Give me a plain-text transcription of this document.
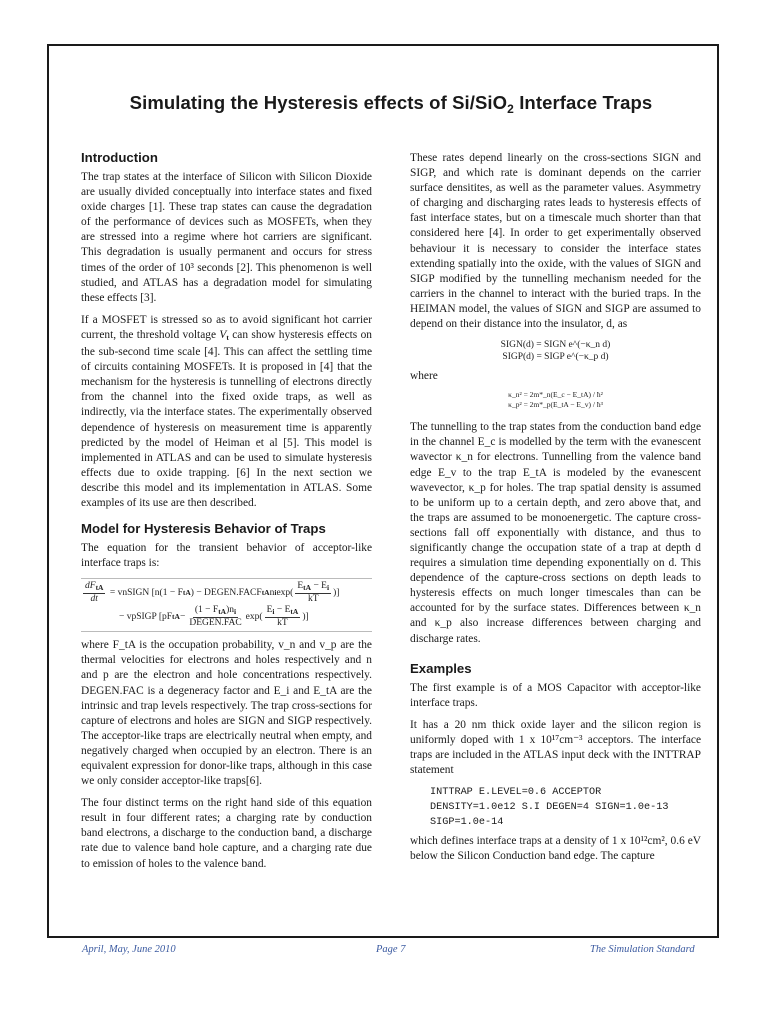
Simulating the Hysteresis effects of Si/SiO$_2$ Interface Traps
Introduction

The trap states at the interface of Silicon with Silicon Dioxide are usually divided conceptually into interface states and fixed oxide charges [1]. These trap states can cause the degradation of the performance of devices such as MOSFETs, when they are stressed into a regime where hot carriers are significant. This degradation is usually permanent and occurs for stress times of the order of 10³ seconds [2]. This phenomenon is well studied, and ATLAS has a degradation model for simulating these effects [3].

If a MOSFET is stressed so as to avoid significant hot carrier current, the threshold voltage $V_t$ can show hysteresis effects on the sub-second time scale [4]. This can affect the settling time of circuits containing MOSFETs. It is proposed in [4] that the mechanism for the hysteresis is tunnelling of electrons directly from the channel into the fixed oxide traps, as well as indirectly, via the interface states. The experimentally observed dependence of hysteresis on measurement time is apparently predicted by the model of Heiman et al [5]. This model is implemented in ATLAS and can be used to simulate hysteresis effects due to oxide trapping. [6] In the next section we describe this model and its implementation in ATLAS. Some examples of its use are then described.

Model for Hysteresis Behavior of Traps

The equation for the transient behavior of acceptor-like interface traps is:

$\frac{dF_{tA}}{dt}$
= v nSIGN [n(1 − F tA ) − DEGEN.FACF tA n i $\exp( \frac{E_{tA} - E_i}{kT}$ )]
− v pSIGP [pF tA − $\frac{(1 - F_{tA})n_i}{\text{DEGEN.FAC}} \exp( \frac{E_i - E_{tA}}{kT}$ )]

where F_tA is the occupation probability, v_n and v_p are the thermal velocities for electrons and holes respectively and n and p are the electron and hole concentrations respectively. DEGEN.FAC is a degeneracy factor and E_i and E_tA are the intrinsic and trap levels respectively. The trap cross-sections for capture of electrons and holes are SIGN and SIGP respectively. The acceptor-like traps are electrically neutral when empty, and negatively charged when occupied by an electron. There is an equivalent expression for donor-like traps, although in this case we only consider acceptor-like traps[6].

The four distinct terms on the right hand side of this equation result in four different rates; a charging rate by conduction band electrons, a discharge to the conduction band, a discharge rate due to valence band hole capture, and a charging rate due to emission of holes to the valence band.

These rates depend linearly on the cross-sections SIGN and SIGP, and which rate is dominant depends on the carrier surface densitites, as well as the parameter values. Asymmetry of charging and discharging rates leads to hysteresis effects of fast interface states, but on a timescale much shorter than that considered here [4]. In order to get experimentally observed behaviour it is necessary to consider the interface states extending spatially into the oxide, with the values of SIGN and SIGP modified by the tunnelling mechanism needed for the carriers in the channel to interact with the buried traps. In the HEIMAN model, the values of SIGN and SIGP are assumed to depend on their distance into the insulator, d, as

SIGN(d) = SIGN e^(−κ_n d)
SIGP(d) = SIGP e^(−κ_p d)

where

κ_n² = 2m*_n(E_c − E_tA) / ħ²
κ_p² = 2m*_p(E_tA − E_v) / ħ³

The tunnelling to the trap states from the conduction band edge in the channel E_c is modelled by the term with the evanescent wavector κ_n for electrons. Tunnelling from the valence band edge E_v to the trap E_tA is modeled by the evanescent wavevector, κ_p for holes. The trap spatial density is assumed to be uniform up to a certain depth, and zero above that, and the traps are assumed to be monoenergetic. The capture cross-sections fall off exponentially with distance, and thus to significantly change the occupation state of a trap at depth d requires a simulation time depending exponentially on d. This dependence of the capture-cross sections on depth leads to hysteresis effects on much longer timescales than can be accounted for by the surface states. Differences between κ_n and κ_p also increase differences between charging and discharge rates.

Examples

The first example is of a MOS Capacitor with acceptor-like interface traps.

It has a 20 nm thick oxide layer and the silicon region is uniformly doped with 1 x 10¹⁷cm⁻³ acceptors. The interface traps are included in the ATLAS input deck with the INTTRAP statement

INTTRAP E.LEVEL=0.6 ACCEPTOR
DENSITY=1.0e12 S.I DEGEN=4 SIGN=1.0e-13
SIGP=1.0e-14

which defines interface traps at a density of 1 x 10¹²cm², 0.6 eV below the Silicon Conduction band edge. The capture

April, May, June 2010	Page 7	The Simulation Standard
